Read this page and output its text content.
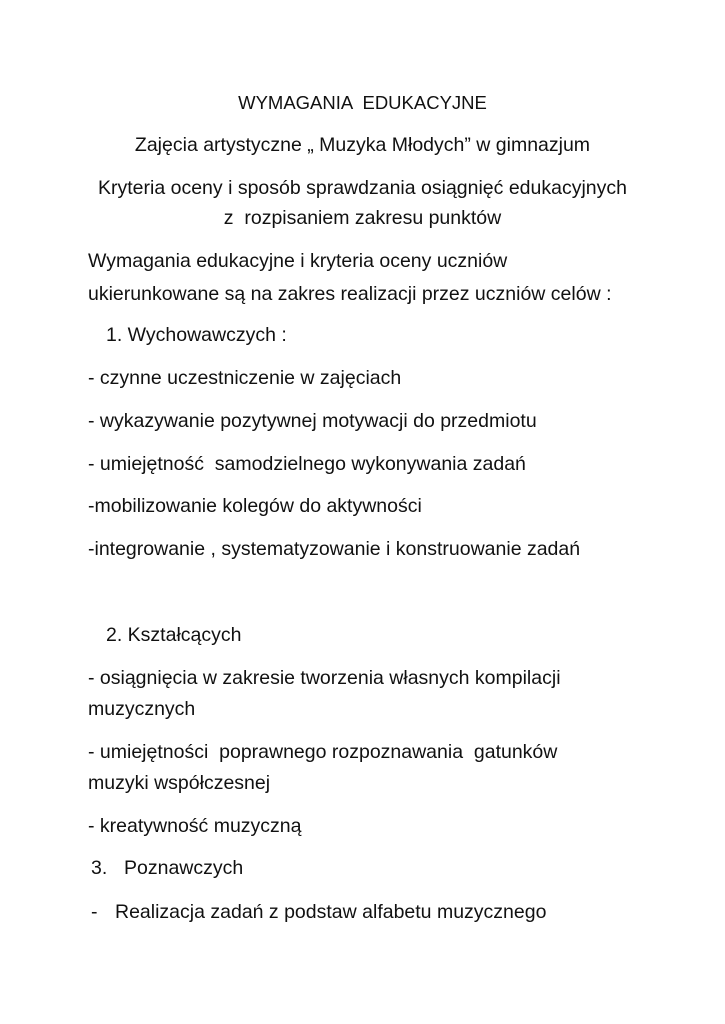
WYMAGANIA  EDUKACYJNE

Zajęcia artystyczne „ Muzyka Młodych” w gimnazjum

Kryteria oceny i sposób sprawdzania osiągnięć edukacyjnych

z  rozpisaniem zakresu punktów

Wymagania edukacyjne i kryteria oceny uczniów

ukierunkowane są na zakres realizacji przez uczniów celów :

1. Wychowawczych :

- czynne uczestniczenie w zajęciach

- wykazywanie pozytywnej motywacji do przedmiotu

- umiejętność  samodzielnego wykonywania zadań

-mobilizowanie kolegów do aktywności

-integrowanie , systematyzowanie i konstruowanie zadań

2. Kształcących

- osiągnięcia w zakresie tworzenia własnych kompilacji

muzycznych

- umiejętności  poprawnego rozpoznawania  gatunków

muzyki współczesnej

- kreatywność muzyczną

3. Poznawczych

- Realizacja zadań z podstaw alfabetu muzycznego
